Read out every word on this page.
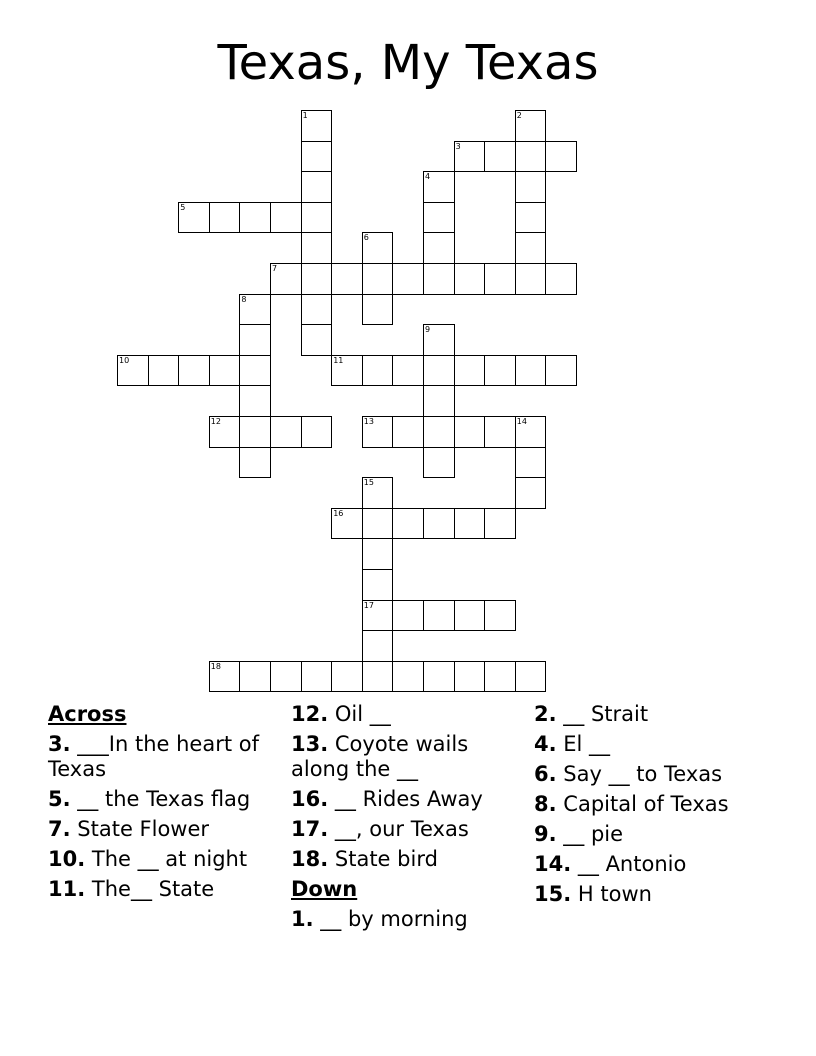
Texas, My Texas
1	2
3
4
5
6
7
8
9
10	11
12	13	14
15
17
16
18
Across
3. ___In the heart of Texas
5. __ the Texas flag
7. State Flower
10. The __ at night
11. The__ State
12. Oil __
13. Coyote wails along the __
16. __ Rides Away
17. __, our Texas
18. State bird
Down
1. __ by morning
2. __ Strait
4. El __
6. Say __ to Texas
8. Capital of Texas
9. __ pie
14. __ Antonio
15. H town
